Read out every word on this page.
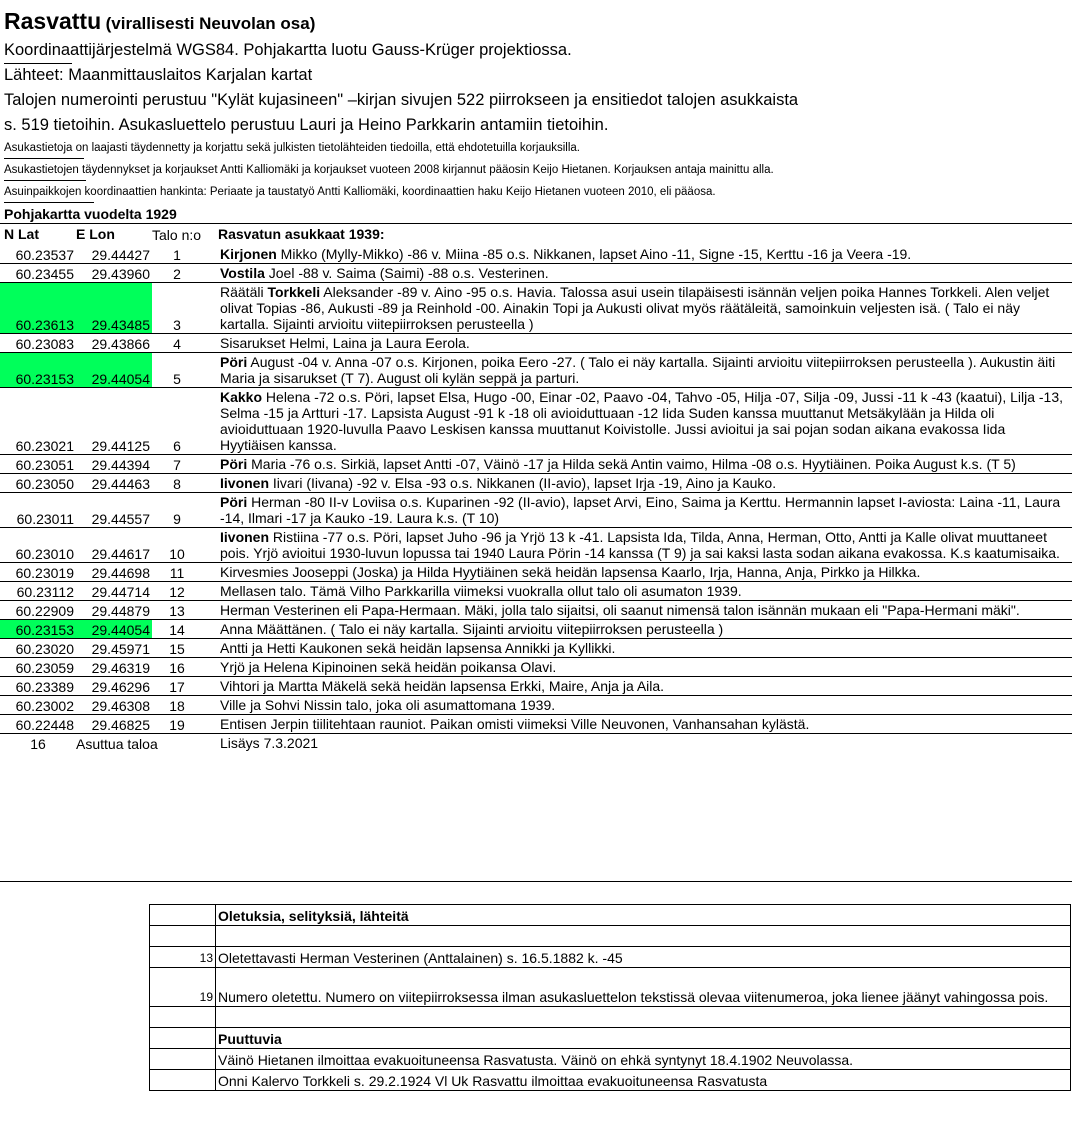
Rasvattu (virallisesti Neuvolan osa)
Koordinaattijärjestelmä WGS84. Pohjakartta luotu Gauss-Krüger projektiossa.
Lähteet: Maanmittauslaitos Karjalan kartat
Talojen numerointi perustuu "Kylät kujasineen" –kirjan sivujen 522 piirrokseen ja ensitiedot talojen asukkaista
s. 519 tietoihin. Asukasluettelo perustuu Lauri ja Heino Parkkarin antamiin tietoihin.
Asukastietoja on laajasti täydennetty ja korjattu sekä julkisten tietolähteiden tiedoilla, että ehdotetuilla korjauksilla.
Asukastietojen täydennykset ja korjaukset Antti Kalliomäki ja korjaukset vuoteen 2008 kirjannut pääosin Keijo Hietanen. Korjauksen antaja mainittu alla.
Asuinpaikkojen koordinaattien hankinta: Periaate ja taustatyö Antti Kalliomäki, koordinaattien haku Keijo Hietanen vuoteen 2010, eli pääosa.
Pohjakartta vuodelta 1929
N Lat	E Lon	Talo n:o Rasvatun asukkaat 1939:
60.23537	29.44427	1	Kirjonen Mikko (Mylly-Mikko) -86 v. Miina -85 o.s. Nikkanen, lapset Aino -11, Signe -15, Kerttu -16 ja Veera -19.
60.23455	29.43960	2	Vostila Joel -88 v. Saima (Saimi) -88 o.s. Vesterinen.
60.23613	29.43485	3	Räätäli Torkkeli Aleksander -89 v. Aino -95 o.s. Havia. Talossa asui usein tilapäisesti isännän veljen poika Hannes Torkkeli. Alen veljet olivat Topias -86, Aukusti -89 ja Reinhold -00. Ainakin Topi ja Aukusti olivat myös räätäleitä, samoinkuin veljesten isä. ( Talo ei näy kartalla. Sijainti arvioitu viitepiirroksen perusteella )
60.23083	29.43866	4	Sisarukset Helmi, Laina ja Laura Eerola.
60.23153	29.44054	5	Pöri August -04 v. Anna -07 o.s. Kirjonen, poika Eero -27. ( Talo ei näy kartalla. Sijainti arvioitu viitepiirroksen perusteella ). Aukustin äiti Maria ja sisarukset (T 7). August oli kylän seppä ja parturi.
60.23021	29.44125	6	Kakko Helena -72 o.s. Pöri, lapset Elsa, Hugo -00, Einar -02, Paavo -04, Tahvo -05, Hilja -07, Silja -09, Jussi -11 k -43 (kaatui), Lilja -13, Selma -15 ja Artturi -17. Lapsista August -91 k -18 oli avioiduttuaan -12 Iida Suden kanssa muuttanut Metsäkylään ja Hilda oli avioiduttuaan 1920-luvulla Paavo Leskisen kanssa muuttanut Koivistolle. Jussi avioitui ja sai pojan sodan aikana evakossa Iida Hyytiäisen kanssa.
60.23051	29.44394	7	Pöri Maria -76 o.s. Sirkiä, lapset Antti -07, Väinö -17 ja Hilda sekä Antin vaimo, Hilma -08 o.s. Hyytiäinen. Poika August k.s. (T 5)
60.23050	29.44463	8	Iivonen Iivari (Iivana) -92 v. Elsa -93 o.s. Nikkanen (II-avio), lapset Irja -19, Aino ja Kauko.
60.23011	29.44557	9	Pöri Herman -80 II-v Loviisa o.s. Kuparinen -92 (II-avio), lapset Arvi, Eino, Saima ja Kerttu. Hermannin lapset I-aviosta: Laina -11, Laura -14, Ilmari -17 ja Kauko -19. Laura k.s. (T 10)
60.23010	29.44617	10	Iivonen Ristiina -77 o.s. Pöri, lapset Juho -96 ja Yrjö 13 k -41. Lapsista Ida, Tilda, Anna, Herman, Otto, Antti ja Kalle olivat muuttaneet pois. Yrjö avioitui 1930-luvun lopussa tai 1940 Laura Pörin -14 kanssa (T 9) ja sai kaksi lasta sodan aikana evakossa. K.s kaatumisaika.
60.23019	29.44698	11	Kirvesmies Jooseppi (Joska) ja Hilda Hyytiäinen sekä heidän lapsensa Kaarlo, Irja, Hanna, Anja, Pirkko ja Hilkka.
60.23112	29.44714	12	Mellasen talo. Tämä Vilho Parkkarilla viimeksi vuokralla ollut talo oli asumaton 1939.
60.22909	29.44879	13	Herman Vesterinen eli Papa-Hermaan. Mäki, jolla talo sijaitsi, oli saanut nimensä talon isännän mukaan eli "Papa-Hermani mäki".
60.23153	29.44054	14	Anna Määttänen. ( Talo ei näy kartalla. Sijainti arvioitu viitepiirroksen perusteella )
60.23020	29.45971	15	Antti ja Hetti Kaukonen sekä heidän lapsensa Annikki ja Kyllikki.
60.23059	29.46319	16	Yrjö ja Helena Kipinoinen sekä heidän poikansa Olavi.
60.23389	29.46296	17	Vihtori ja Martta Mäkelä sekä heidän lapsensa Erkki, Maire, Anja ja Aila.
60.23002	29.46308	18	Ville ja Sohvi Nissin talo, joka oli asumattomana 1939.
60.22448	29.46825	19	Entisen Jerpin tiilitehtaan rauniot. Paikan omisti viimeksi Ville Neuvonen, Vanhansahan kylästä.
16	Asuttua taloa		Lisäys 7.3.2021
	Oletuksia, selityksiä, lähteitä

13	Oletettavasti Herman Vesterinen (Anttalainen) s. 16.5.1882 k. -45
19	Numero oletettu. Numero on viitepiirroksessa ilman asukasluettelon tekstissä olevaa viitenumeroa, joka lienee jäänyt vahingossa pois.

	Puuttuvia
	Väinö Hietanen ilmoittaa evakuoituneensa Rasvatusta. Väinö on ehkä syntynyt 18.4.1902 Neuvolassa.
	Onni Kalervo Torkkeli s. 29.2.1924 Vl Uk Rasvattu ilmoittaa evakuoituneensa Rasvatusta
